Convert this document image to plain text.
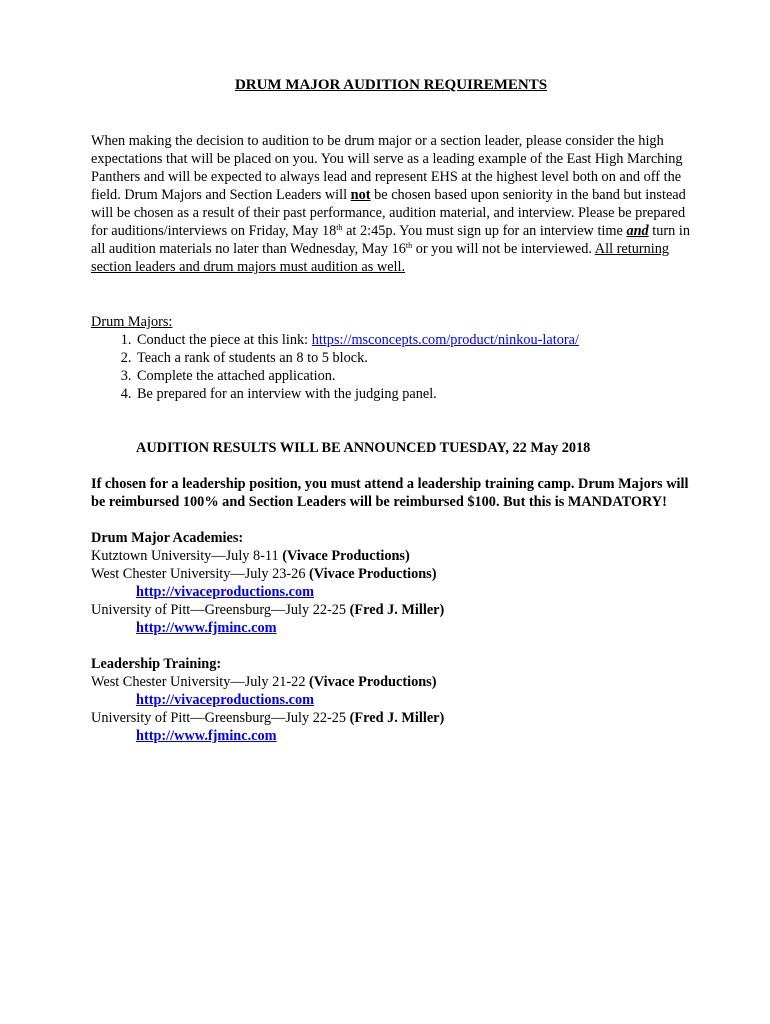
DRUM MAJOR AUDITION REQUIREMENTS

When making the decision to audition to be drum major or a section leader, please consider the high expectations that will be placed on you. You will serve as a leading example of the East High Marching Panthers and will be expected to always lead and represent EHS at the highest level both on and off the field. Drum Majors and Section Leaders will not be chosen based upon seniority in the band but instead will be chosen as a result of their past performance, audition material, and interview. Please be prepared for auditions/interviews on Friday, May 18th at 2:45p. You must sign up for an interview time and turn in all audition materials no later than Wednesday, May 16th or you will not be interviewed. All returning section leaders and drum majors must audition as well.

Drum Majors:
1. Conduct the piece at this link: https://msconcepts.com/product/ninkou-latora/
2. Teach a rank of students an 8 to 5 block.
3. Complete the attached application.
4. Be prepared for an interview with the judging panel.
AUDITION RESULTS WILL BE ANNOUNCED TUESDAY, 22 May 2018
If chosen for a leadership position, you must attend a leadership training camp. Drum Majors will be reimbursed 100% and Section Leaders will be reimbursed $100. But this is MANDATORY!
Drum Major Academies:
Kutztown University—July 8-11 (Vivace Productions)
West Chester University—July 23-26 (Vivace Productions)
http://vivaceproductions.com
University of Pitt—Greensburg—July 22-25 (Fred J. Miller)
http://www.fjminc.com
Leadership Training:
West Chester University—July 21-22 (Vivace Productions)
http://vivaceproductions.com
University of Pitt—Greensburg—July 22-25 (Fred J. Miller)
http://www.fjminc.com
